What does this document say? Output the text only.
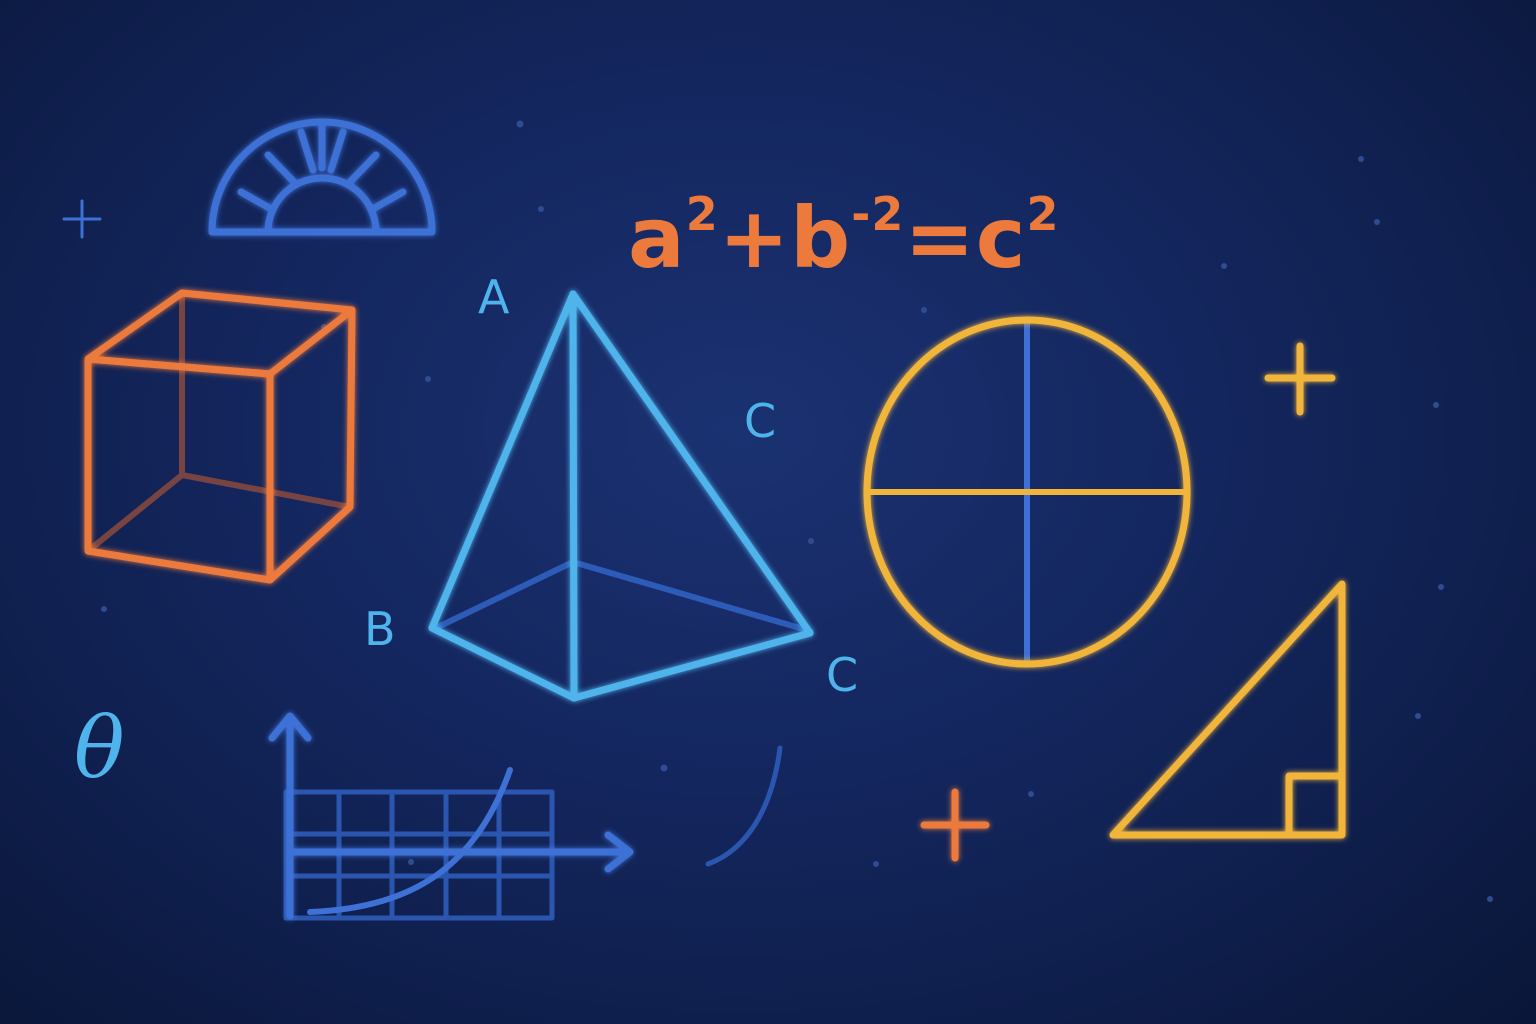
A
C
B
C
θ
$a^2+b^{-2}=c^2$
